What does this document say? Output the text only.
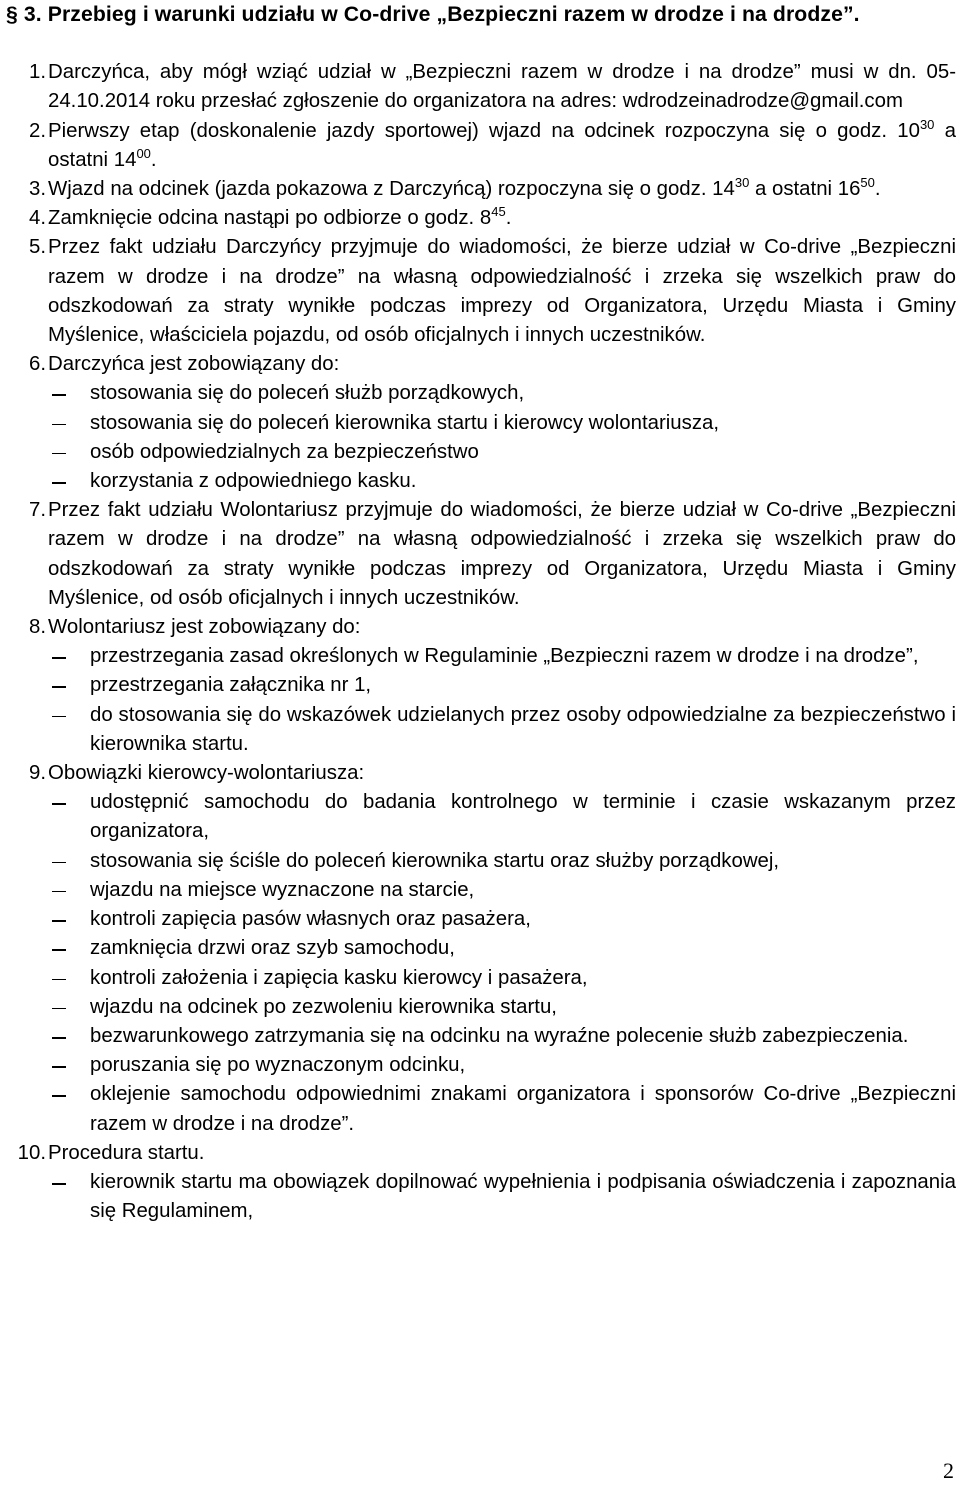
§ 3. Przebieg i warunki udziału w Co-drive „Bezpieczni razem w drodze i na drodze”.
1. Darczyńca, aby mógł wziąć udział w „Bezpieczni razem w drodze i na drodze” musi w dn. 05-24.10.2014 roku przesłać zgłoszenie do organizatora na adres: wdrodzeinadrodze@gmail.com
2. Pierwszy etap (doskonalenie jazdy sportowej) wjazd na odcinek rozpoczyna się o godz. $10^{30}$ a ostatni $14^{00}$.
3. Wjazd na odcinek (jazda pokazowa z Darczyńcą) rozpoczyna się o godz. $14^{30}$ a ostatni $16^{50}$.
4. Zamknięcie odcina nastąpi po odbiorze o godz. $8^{45}$.
5. Przez fakt udziału Darczyńcy przyjmuje do wiadomości, że bierze udział w Co-drive „Bezpieczni razem w drodze i na drodze” na własną odpowiedzialność i zrzeka się wszelkich praw do odszkodowań za straty wynikłe podczas imprezy od Organizatora, Urzędu Miasta i Gminy Myślenice, właściciela pojazdu, od osób oficjalnych i innych uczestników.
6. Darczyńca jest zobowiązany do:
stosowania się do poleceń służb porządkowych,
stosowania się do poleceń kierownika startu i kierowcy wolontariusza,
osób odpowiedzialnych za bezpieczeństwo
korzystania z odpowiedniego kasku.
7. Przez fakt udziału Wolontariusz przyjmuje do wiadomości, że bierze udział w Co-drive „Bezpieczni razem w drodze i na drodze” na własną odpowiedzialność i zrzeka się wszelkich praw do odszkodowań za straty wynikłe podczas imprezy od Organizatora, Urzędu Miasta i Gminy Myślenice, od osób oficjalnych i innych uczestników.
8. Wolontariusz jest zobowiązany do:
przestrzegania zasad określonych w Regulaminie „Bezpieczni razem w drodze i na drodze”,
przestrzegania załącznika nr 1,
do stosowania się do wskazówek udzielanych przez osoby odpowiedzialne za bezpieczeństwo i kierownika startu.
9. Obowiązki kierowcy-wolontariusza:
udostępnić samochodu do badania kontrolnego w terminie i czasie wskazanym przez organizatora,
stosowania się ściśle do poleceń kierownika startu oraz służby porządkowej,
wjazdu na miejsce wyznaczone na starcie,
kontroli zapięcia pasów własnych oraz pasażera,
zamknięcia drzwi oraz szyb samochodu,
kontroli założenia i zapięcia kasku kierowcy i pasażera,
wjazdu na odcinek po zezwoleniu kierownika startu,
bezwarunkowego zatrzymania się na odcinku na wyraźne polecenie służb zabezpieczenia.
poruszania się po wyznaczonym odcinku,
oklejenie samochodu odpowiednimi znakami organizatora i sponsorów Co-drive „Bezpieczni razem w drodze i na drodze”.
10. Procedura startu.
kierownik startu ma obowiązek dopilnować wypełnienia i podpisania oświadczenia i zapoznania się Regulaminem,
2
